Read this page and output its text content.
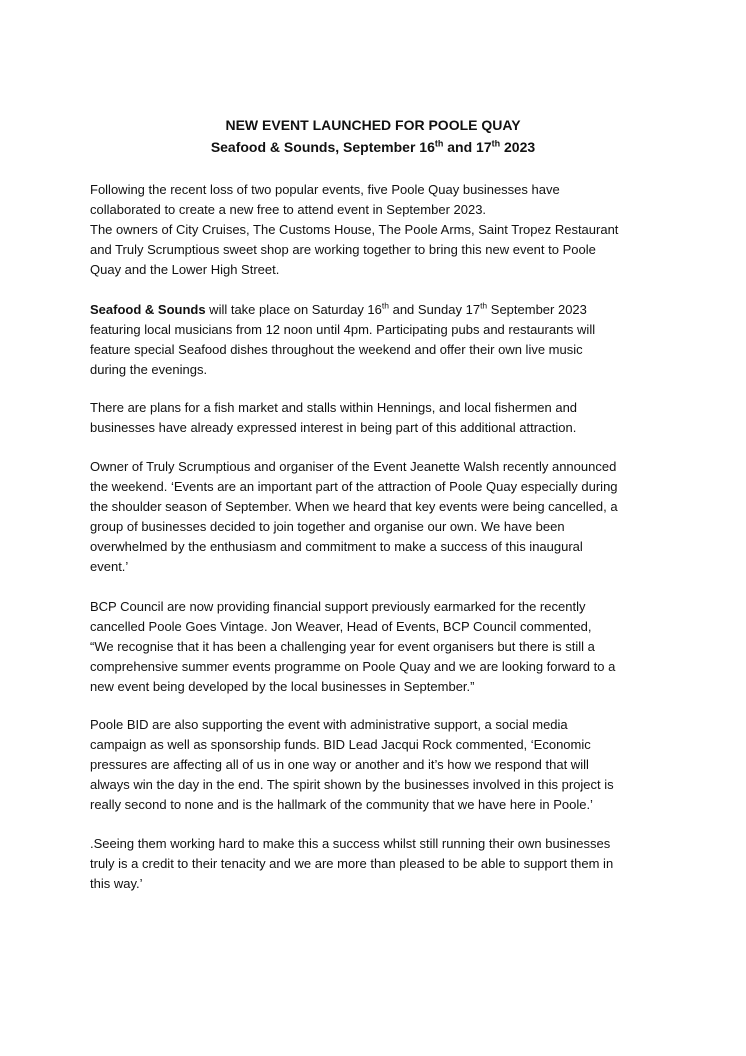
NEW EVENT LAUNCHED FOR POOLE QUAY
Seafood & Sounds, September 16th and 17th 2023
Following the recent loss of two popular events, five Poole Quay businesses have
collaborated to create a new free to attend event in September 2023.
The owners of City Cruises, The Customs House, The Poole Arms, Saint Tropez Restaurant
and Truly Scrumptious sweet shop are working together to bring this new event to Poole
Quay and the Lower High Street.
Seafood & Sounds will take place on Saturday 16th and Sunday 17th September 2023
featuring local musicians from 12 noon until 4pm. Participating pubs and restaurants will
feature special Seafood dishes throughout the weekend and offer their own live music
during the evenings.
There are plans for a fish market and stalls within Hennings, and local fishermen and
businesses have already expressed interest in being part of this additional attraction.
Owner of Truly Scrumptious and organiser of the Event Jeanette Walsh recently announced
the weekend. ‘Events are an important part of the attraction of Poole Quay especially during
the shoulder season of September. When we heard that key events were being cancelled, a
group of businesses decided to join together and organise our own. We have been
overwhelmed by the enthusiasm and commitment to make a success of this inaugural
event.’
BCP Council are now providing financial support previously earmarked for the recently
cancelled Poole Goes Vintage. Jon Weaver, Head of Events, BCP Council commented,
“We recognise that it has been a challenging year for event organisers but there is still a
comprehensive summer events programme on Poole Quay and we are looking forward to a
new event being developed by the local businesses in September.”
Poole BID are also supporting the event with administrative support, a social media
campaign as well as sponsorship funds. BID Lead Jacqui Rock commented, ‘Economic
pressures are affecting all of us in one way or another and it’s how we respond that will
always win the day in the end. The spirit shown by the businesses involved in this project is
really second to none and is the hallmark of the community that we have here in Poole.’
.Seeing them working hard to make this a success whilst still running their own businesses
truly is a credit to their tenacity and we are more than pleased to be able to support them in
this way.’
